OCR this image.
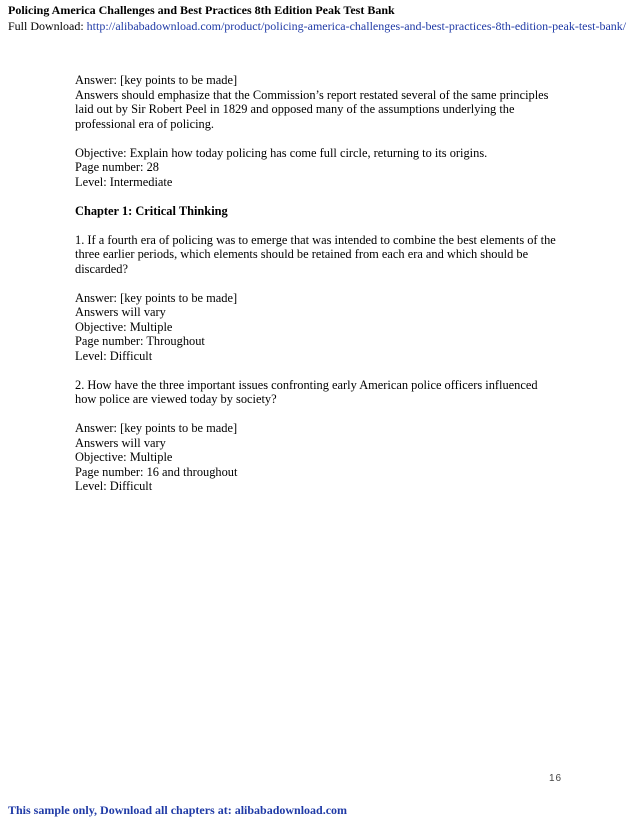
Policing America Challenges and Best Practices 8th Edition Peak Test Bank
Full Download: http://alibabadownload.com/product/policing-america-challenges-and-best-practices-8th-edition-peak-test-bank/
Answer: [key points to be made]
Answers should emphasize that the Commission’s report restated several of the same principles
laid out by Sir Robert Peel in 1829 and opposed many of the assumptions underlying the
professional era of policing.
Objective: Explain how today policing has come full circle, returning to its origins.
Page number: 28
Level: Intermediate
Chapter 1: Critical Thinking
1. If a fourth era of policing was to emerge that was intended to combine the best elements of the
three earlier periods, which elements should be retained from each era and which should be
discarded?
Answer: [key points to be made]
Answers will vary
Objective: Multiple
Page number: Throughout
Level: Difficult
2. How have the three important issues confronting early American police officers influenced
how police are viewed today by society?
Answer: [key points to be made]
Answers will vary
Objective: Multiple
Page number: 16 and throughout
Level: Difficult
16
This sample only, Download all chapters at: alibabadownload.com
